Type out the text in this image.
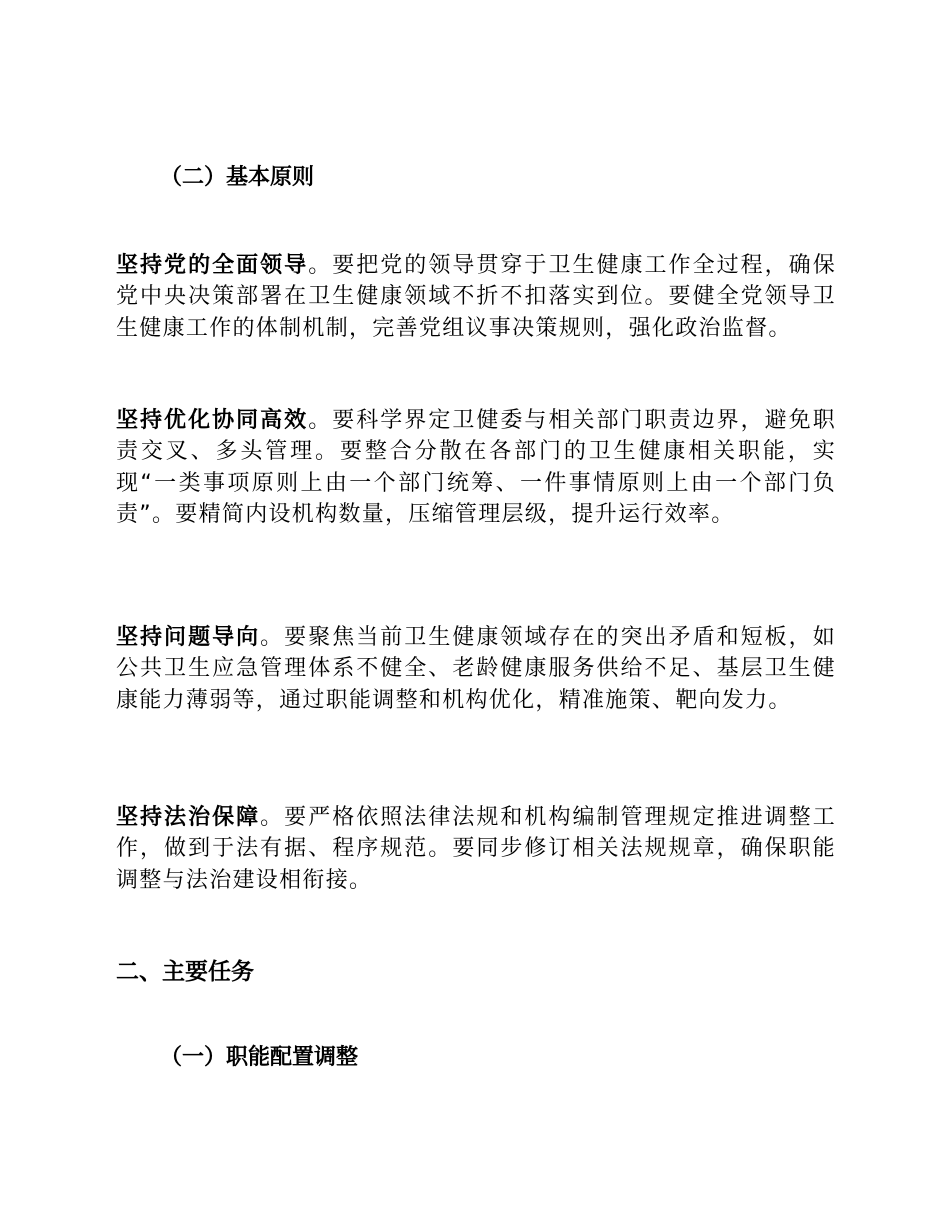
（二）基本原则
坚持党的全面领导。要把党的领导贯穿于卫生健康工作全过程，确保党中央决策部署在卫生健康领域不折不扣落实到位。要健全党领导卫生健康工作的体制机制，完善党组议事决策规则，强化政治监督。
坚持优化协同高效。要科学界定卫健委与相关部门职责边界，避免职责交叉、多头管理。要整合分散在各部门的卫生健康相关职能，实现“一类事项原则上由一个部门统筹、一件事情原则上由一个部门负责”。要精简内设机构数量，压缩管理层级，提升运行效率。
坚持问题导向。要聚焦当前卫生健康领域存在的突出矛盾和短板，如公共卫生应急管理体系不健全、老龄健康服务供给不足、基层卫生健康能力薄弱等，通过职能调整和机构优化，精准施策、靶向发力。
坚持法治保障。要严格依照法律法规和机构编制管理规定推进调整工作，做到于法有据、程序规范。要同步修订相关法规规章，确保职能调整与法治建设相衔接。
二、主要任务
（一）职能配置调整
